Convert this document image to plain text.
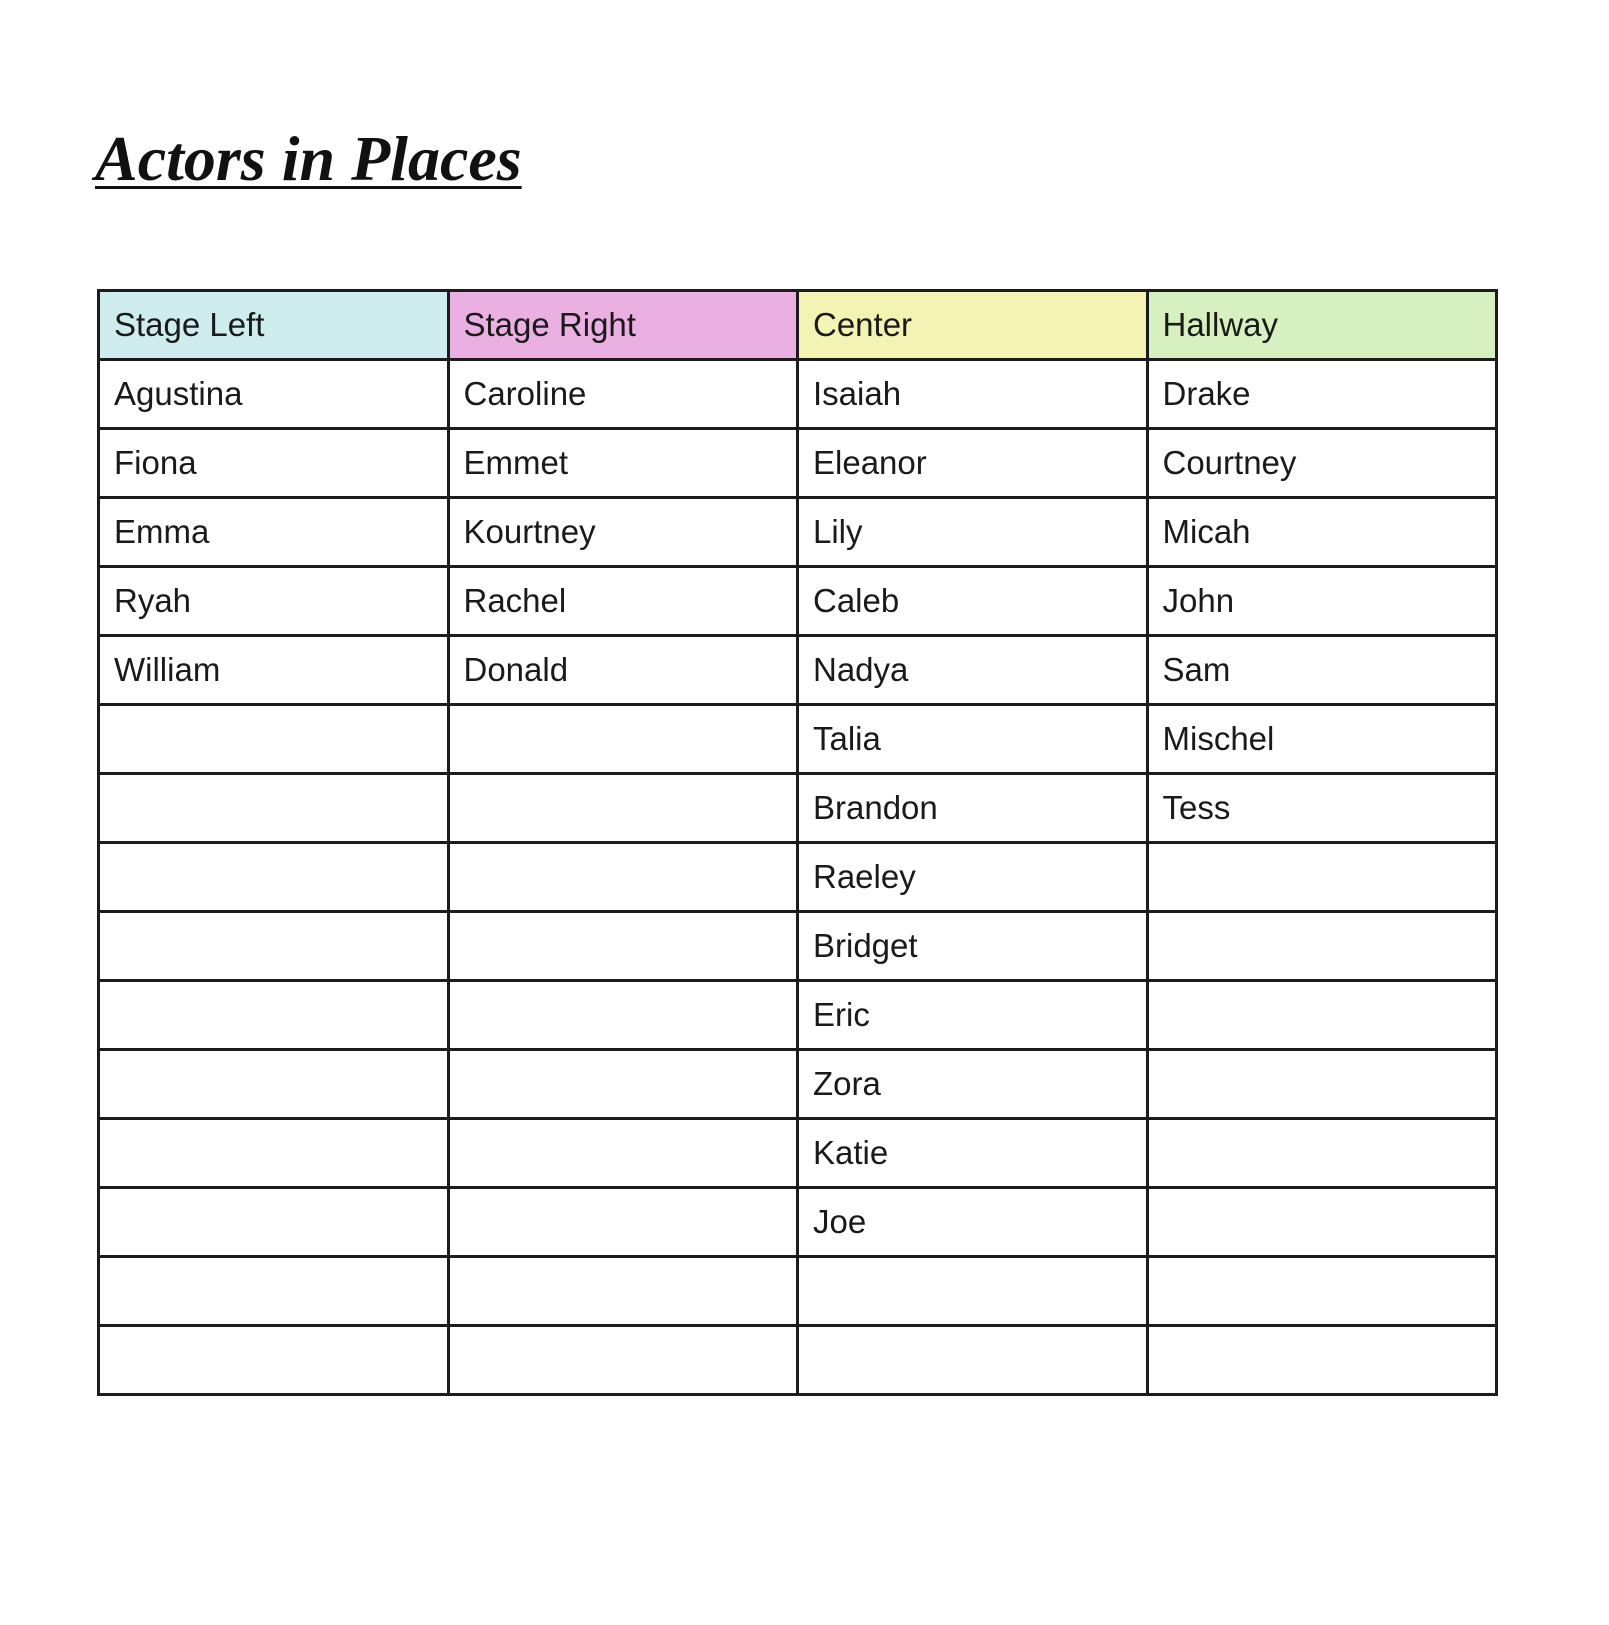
Actors in Places
Stage Left	Stage Right	Center	Hallway
Agustina	Caroline	Isaiah	Drake
Fiona	Emmet	Eleanor	Courtney
Emma	Kourtney	Lily	Micah
Ryah	Rachel	Caleb	John
William	Donald	Nadya	Sam
		Talia	Mischel
		Brandon	Tess
		Raeley	
		Bridget	
		Eric	
		Zora	
		Katie	
		Joe	
